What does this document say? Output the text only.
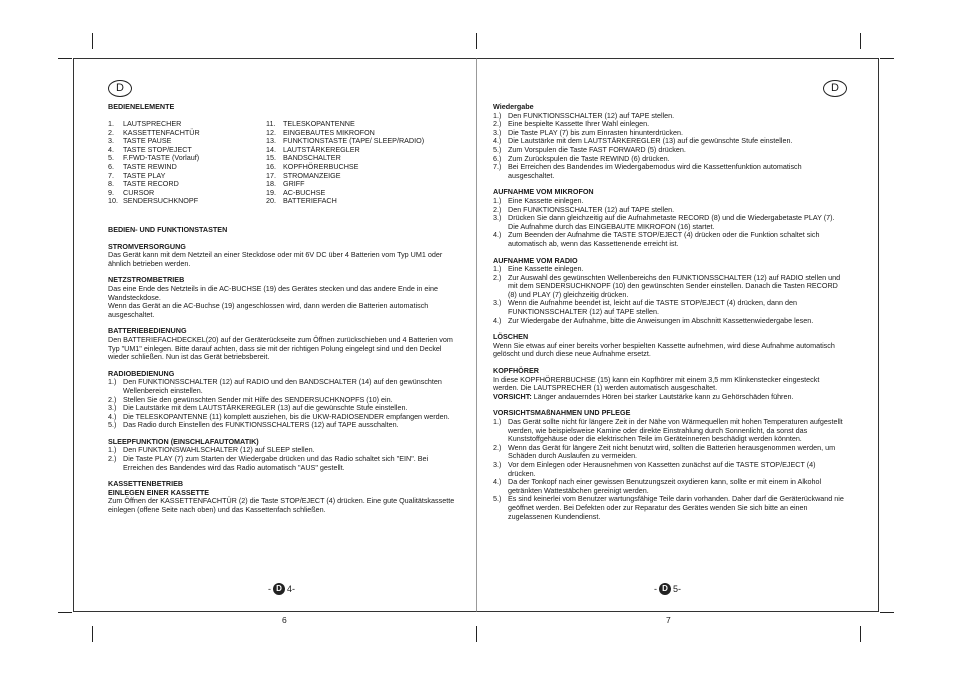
D
BEDIENELEMENTE
1. LAUTSPRECHER
2. KASSETTENFACHTÜR
3. TASTE PAUSE
4. TASTE STOP/EJECT
5. F.FWD-TASTE (Vorlauf)
6. TASTE REWIND
7. TASTE PLAY
8. TASTE RECORD
9. CURSOR
10. SENDERSUCHKNOPF
11. TELESKOPANTENNE
12. EINGEBAUTES MIKROFON
13. FUNKTIONSTASTE (TAPE/ SLEEP/RADIO)
14. LAUTSTÄRKEREGLER
15. BANDSCHALTER
16. KOPFHÖRERBUCHSE
17. STROMANZEIGE
18. GRIFF
19. AC-BUCHSE
20. BATTERIEFACH
BEDIEN- UND FUNKTIONSTASTEN
STROMVERSORGUNG

Das Gerät kann mit dem Netzteil an einer Steckdose oder mit 6V DC über 4 Batterien vom Typ UM1 oder ähnlich betrieben werden.

NETZSTROMBETRIEB

Das eine Ende des Netzteils in die AC-BUCHSE (19) des Gerätes stecken und das andere Ende in eine Wandsteckdose.

Wenn das Gerät an die AC-Buchse (19) angeschlossen wird, dann werden die Batterien automatisch ausgeschaltet.

BATTERIEBEDIENUNG

Den BATTERIEFACHDECKEL(20) auf der Geräterückseite zum Öffnen zurückschieben und 4 Batterien vom Typ "UM1" einlegen. Bitte darauf achten, dass sie mit der richtigen Polung eingelegt sind und den Deckel wieder schließen. Nun ist das Gerät betriebsbereit.

RADIOBEDIENUNG
1.) Den FUNKTIONSSCHALTER (12) auf RADIO und den BANDSCHALTER (14) auf den gewünschten Wellenbereich einstellen.
2.) Stellen Sie den gewünschten Sender mit Hilfe des SENDERSUCHKNOPFS (10) ein.
3.) Die Lautstärke mit dem LAUTSTÄRKEREGLER (13) auf die gewünschte Stufe einstellen.
4.) Die TELESKOPANTENNE (11) komplett ausziehen, bis die UKW-RADIOSENDER empfangen werden.
5.) Das Radio durch Einstellen des FUNKTIONSSCHALTERS (12) auf TAPE ausschalten.
SLEEPFUNKTION (EINSCHLAFAUTOMATIK)
1.) Den FUNKTIONSWAHLSCHALTER (12) auf SLEEP stellen.
2.) Die Taste PLAY (7) zum Starten der Wiedergabe drücken und das Radio schaltet sich "EIN". Bei Erreichen des Bandendes wird das Radio automatisch "AUS" gestellt.
KASSETTENBETRIEB
EINLEGEN EINER KASSETTE

Zum Öffnen der KASSETTENFACHTÜR (2) die Taste STOP/EJECT (4) drücken. Eine gute Qualitätskassette einlegen (offene Seite nach oben) und das Kassettenfach schließen.

- D 4-
6
D
Wiedergabe
1.) Den FUNKTIONSSCHALTER (12) auf TAPE stellen.
2.) Eine bespielte Kassette Ihrer Wahl einlegen.
3.) Die Taste PLAY (7) bis zum Einrasten hinunterdrücken.
4.) Die Lautstärke mit dem LAUTSTÄRKEREGLER (13) auf die gewünschte Stufe einstellen.
5.) Zum Vorspulen die Taste FAST FORWARD (5) drücken.
6.) Zum Zurückspulen die Taste REWIND (6) drücken.
7.) Bei Erreichen des Bandendes im Wiedergabemodus wird die Kassettenfunktion automatisch ausgeschaltet.
AUFNAHME VOM MIKROFON
1.) Eine Kassette einlegen.
2.) Den FUNKTIONSSCHALTER (12) auf TAPE stellen.
3.) Drücken Sie dann gleichzeitig auf die Aufnahmetaste RECORD (8) und die Wiedergabetaste PLAY (7). Die Aufnahme durch das EINGEBAUTE MIKROFON (16) startet.
4.) Zum Beenden der Aufnahme die TASTE STOP/EJECT (4) drücken oder die Funktion schaltet sich automatisch ab, wenn das Kassettenende erreicht ist.
AUFNAHME VOM RADIO
1.) Eine Kassette einlegen.
2.) Zur Auswahl des gewünschten Wellenbereichs den FUNKTIONSSCHALTER (12) auf RADIO stellen und mit dem SENDERSUCHKNOPF (10) den gewünschten Sender einstellen. Danach die Tasten RECORD (8) und PLAY (7) gleichzeitig drücken.
3.) Wenn die Aufnahme beendet ist, leicht auf die TASTE STOP/EJECT (4) drücken, dann den FUNKTIONSSCHALTER (12) auf TAPE stellen.
4.) Zur Wiedergabe der Aufnahme, bitte die Anweisungen im Abschnitt Kassettenwiedergabe lesen.
LÖSCHEN

Wenn Sie etwas auf einer bereits vorher bespielten Kassette aufnehmen, wird diese Aufnahme automatisch gelöscht und durch diese neue Aufnahme ersetzt.

KOPFHÖRER

In diese KOPFHÖRERBUCHSE (15) kann ein Kopfhörer mit einem 3,5 mm Klinkenstecker eingesteckt werden. Die LAUTSPRECHER (1) werden automatisch ausgeschaltet.

VORSICHT: Länger andauerndes Hören bei starker Lautstärke kann zu Gehörschäden führen.

VORSICHTSMAßNAHMEN UND PFLEGE
1.) Das Gerät sollte nicht für längere Zeit in der Nähe von Wärmequellen mit hohen Temperaturen aufgestellt werden, wie beispielsweise Kamine oder direkte Einstrahlung durch Sonnenlicht, da sonst das Kunststoffgehäuse oder die elektrischen Teile im Geräteinneren beschädigt werden könnten.
2.) Wenn das Gerät für längere Zeit nicht benutzt wird, sollten die Batterien herausgenommen werden, um Schäden durch Auslaufen zu vermeiden.
3.) Vor dem Einlegen oder Herausnehmen von Kassetten zunächst auf die TASTE STOP/EJECT (4) drücken.
4.) Da der Tonkopf nach einer gewissen Benutzungszeit oxydieren kann, sollte er mit einem in Alkohol getränkten Wattestäbchen gereinigt werden.
5.) Es sind keinerlei vom Benutzer wartungsfähige Teile darin vorhanden. Daher darf die Geräterückwand nie geöffnet werden. Bei Defekten oder zur Reparatur des Gerätes wenden Sie sich bitte an einen zugelassenen Kundendienst.
- D 5-
7
